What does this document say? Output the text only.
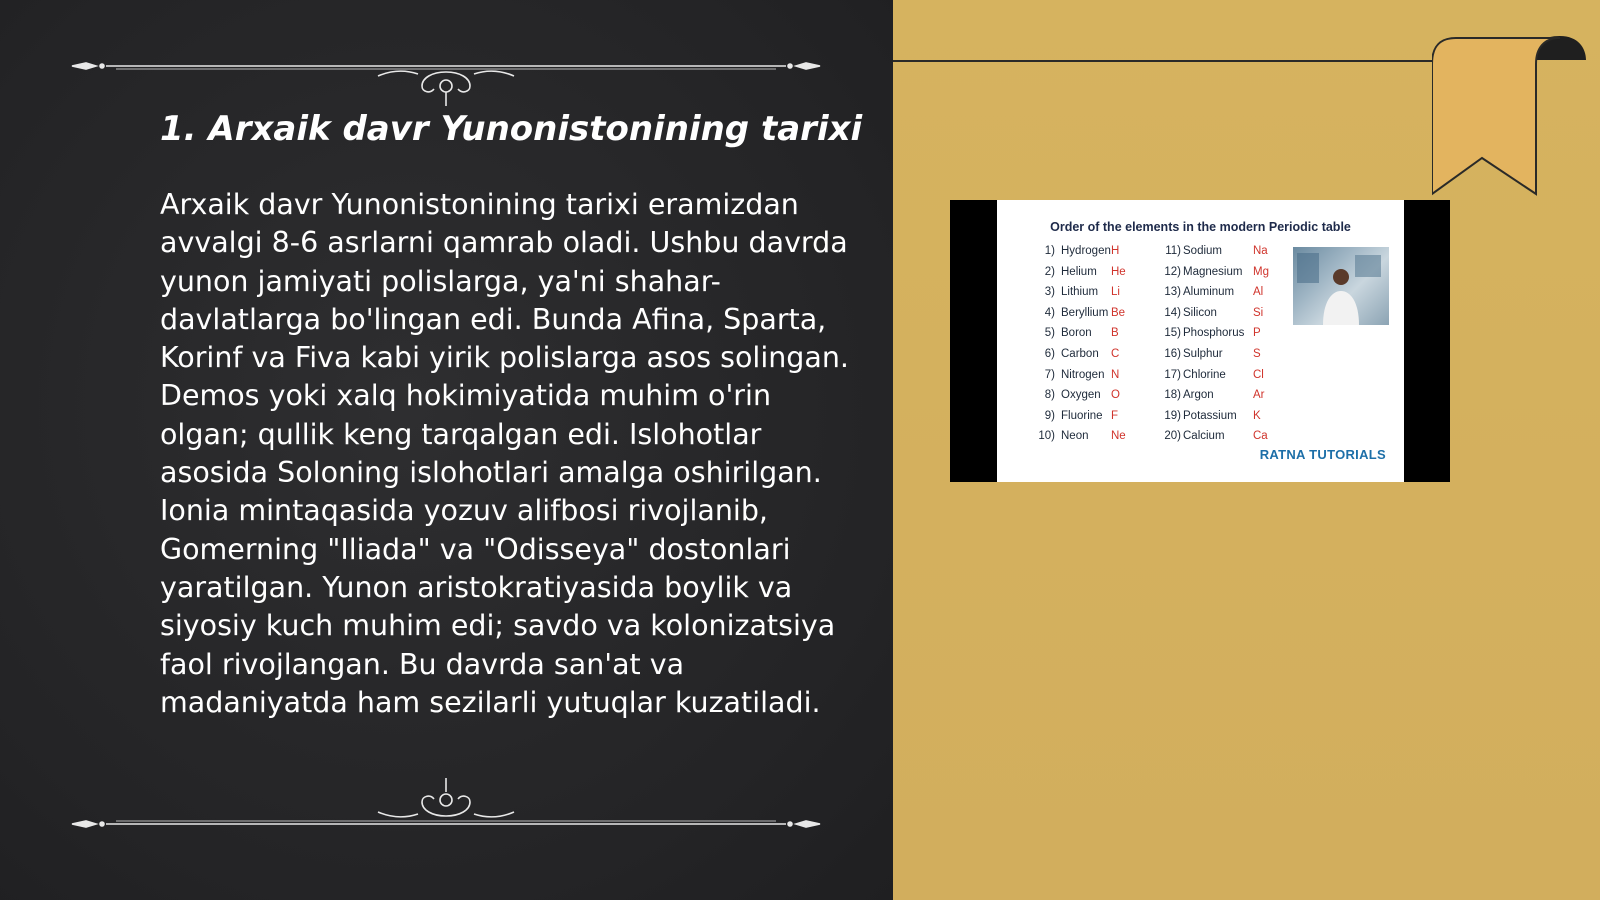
1. Arxaik davr Yunonistonining tarixi

Arxaik davr Yunonistonining tarixi eramizdan avvalgi 8-6 asrlarni qamrab oladi. Ushbu davrda yunon jamiyati polislarga, ya'ni shahar-davlatlarga bo'lingan edi. Bunda Afina, Sparta, Korinf va Fiva kabi yirik polislarga asos solingan. Demos yoki xalq hokimiyatida muhim o'rin olgan; qullik keng tarqalgan edi. Islohotlar asosida Soloning islohotlari amalga oshirilgan. Ionia mintaqasida yozuv alifbosi rivojlanib, Gomerning "Iliada" va "Odisseya" dostonlari yaratilgan. Yunon aristokratiyasida boylik va siyosiy kuch muhim edi; savdo va kolonizatsiya faol rivojlangan. Bu davrda san'at va madaniyatda ham sezilarli yutuqlar kuzatiladi.

Order of the elements in the modern Periodic table
1) Hydrogen H
2) Helium He
3) Lithium Li
4) Beryllium Be
5) Boron B
6) Carbon C
7) Nitrogen N
8) Oxygen O
9) Fluorine F
10) Neon Ne
11) Sodium	Na
12) Magnesium Mg
13) Aluminum Al
14) Silicon	Si
15) Phosphorus P
16) Sulphur	S
17) Chlorine Cl
18) Argon	Ar
19) Potassium K
20) Calcium Ca
RATNA TUTORIALS
